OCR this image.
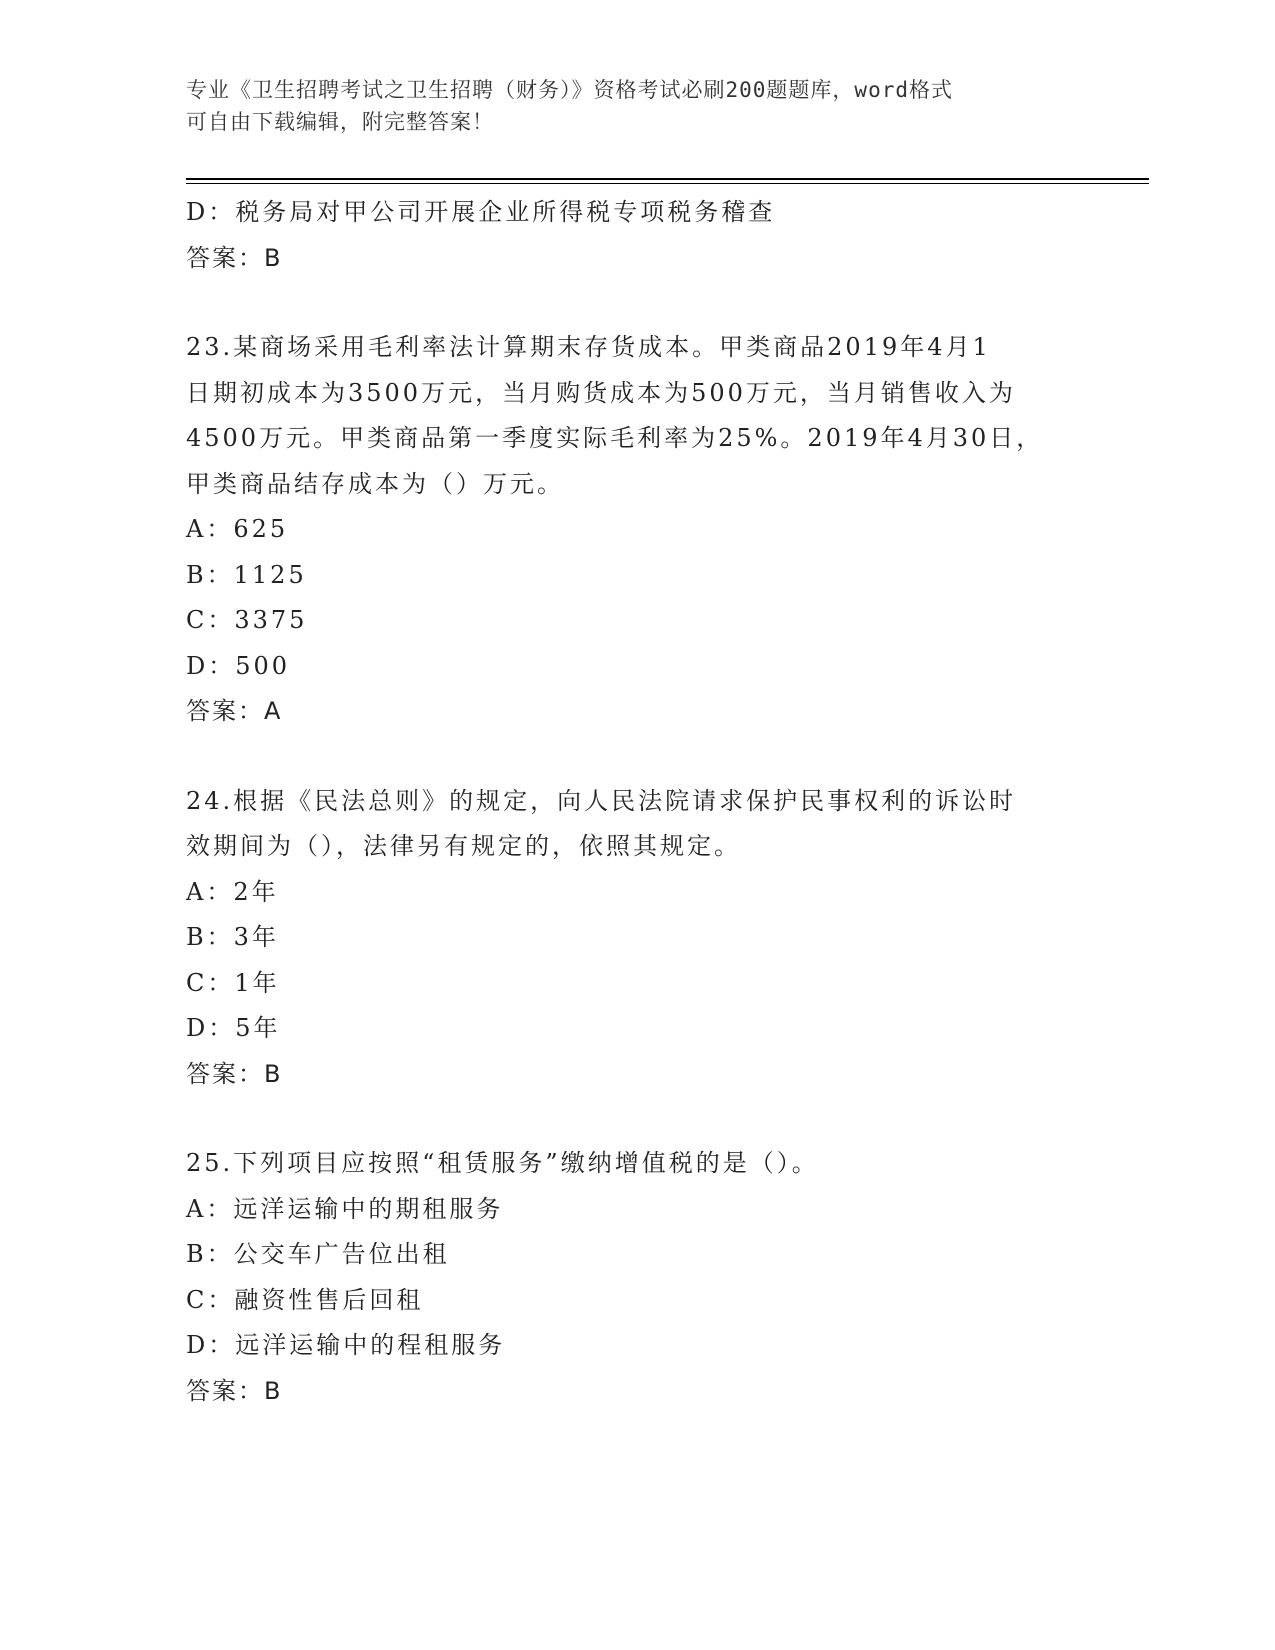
专业《卫生招聘考试之卫生招聘（财务）》资格考试必刷200题题库，word格式
可自由下载编辑，附完整答案！
D：税务局对甲公司开展企业所得税专项税务稽查
答案：B
23.某商场采用毛利率法计算期末存货成本。甲类商品2019年4月1
日期初成本为3500万元，当月购货成本为500万元，当月销售收入为
4500万元。甲类商品第一季度实际毛利率为25%。2019年4月30日，
甲类商品结存成本为（）万元。
A：625
B：1125
C：3375
D：500
答案：A
24.根据《民法总则》的规定，向人民法院请求保护民事权利的诉讼时
效期间为（），法律另有规定的，依照其规定。
A：2年
B：3年
C：1年
D：5年
答案：B
25.下列项目应按照“租赁服务”缴纳增值税的是（）。
A：远洋运输中的期租服务
B：公交车广告位出租
C：融资性售后回租
D：远洋运输中的程租服务
答案：B
